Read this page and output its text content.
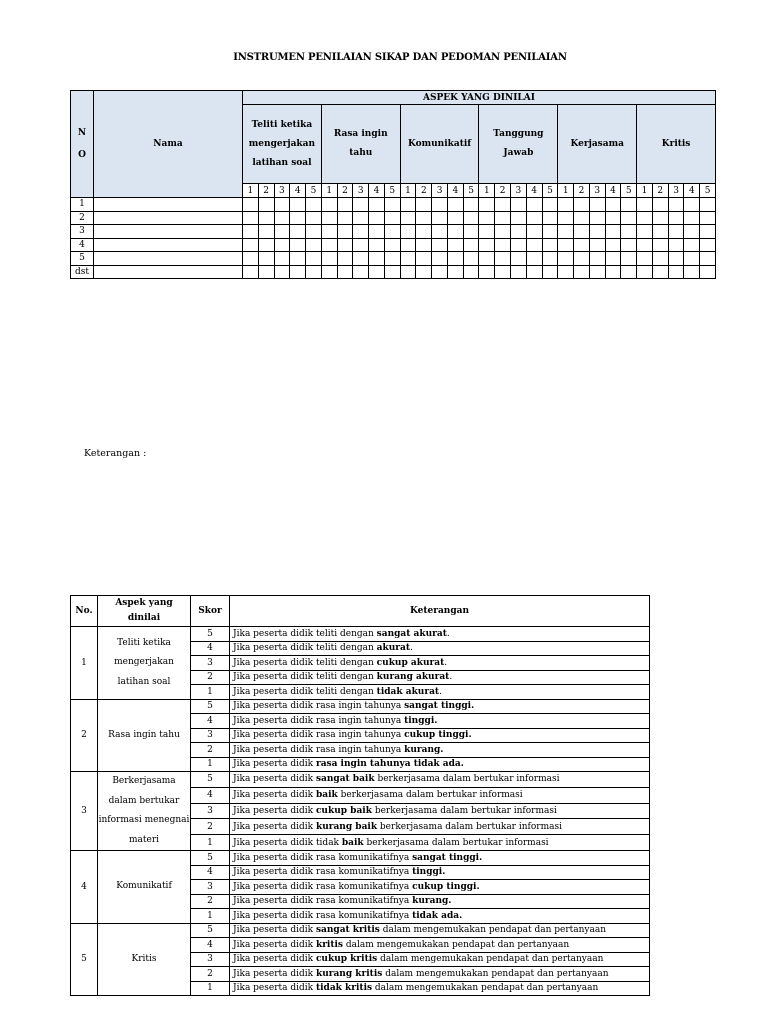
INSTRUMEN PENILAIAN SIKAP DAN PEDOMAN PENILAIAN
N
O	Nama	ASPEK YANG DINILAI																													
		Teliti ketika mengerjakan latihan soal					Rasa ingin tahu					Komunikatif					Tanggung Jawab					Kerjasama					Kritis				
		1	2	3	4	5	1	2	3	4	5	1	2	3	4	5	1	2	3	4	5	1	2	3	4	5	1	2	3	4	5
1																															
2																															
3																															
4																															
5																															
dst																															
Keterangan :
No.	Aspek yang dinilai	Skor	Keterangan
1	Teliti ketika mengerjakan latihan soal	5	Jika peserta didik teliti dengan sangat akurat.
		4	Jika peserta didik teliti dengan akurat.
		3	Jika peserta didik teliti dengan cukup akurat.
		2	Jika peserta didik teliti dengan kurang akurat.
		1	Jika peserta didik teliti dengan tidak akurat.
2	Rasa ingin tahu	5	Jika peserta didik rasa ingin tahunya sangat tinggi.
		4	Jika peserta didik rasa ingin tahunya tinggi.
		3	Jika peserta didik rasa ingin tahunya cukup tinggi.
		2	Jika peserta didik rasa ingin tahunya kurang.
		1	Jika peserta didik rasa ingin tahunya tidak ada.
3	Berkerjasama dalam bertukar informasi menegnai materi	5	Jika peserta didik sangat baik berkerjasama dalam bertukar informasi
		4	Jika peserta didik baik berkerjasama dalam bertukar informasi
		3	Jika peserta didik cukup baik berkerjasama dalam bertukar informasi
		2	Jika peserta didik kurang baik berkerjasama dalam bertukar informasi
		1	Jika peserta didik tidak baik berkerjasama dalam bertukar informasi
4	Komunikatif	5	Jika peserta didik rasa komunikatifnya sangat tinggi.
		4	Jika peserta didik rasa komunikatifnya tinggi.
		3	Jika peserta didik rasa komunikatifnya cukup tinggi.
		2	Jika peserta didik rasa komunikatifnya kurang.
		1	Jika peserta didik rasa komunikatifnya tidak ada.
5	Kritis	5	Jika peserta didik sangat kritis dalam mengemukakan pendapat dan pertanyaan
		4	Jika peserta didik kritis dalam mengemukakan pendapat dan pertanyaan
		3	Jika peserta didik cukup kritis dalam mengemukakan pendapat dan pertanyaan
		2	Jika peserta didik kurang kritis dalam mengemukakan pendapat dan pertanyaan
		1	Jika peserta didik tidak kritis dalam mengemukakan pendapat dan pertanyaan
